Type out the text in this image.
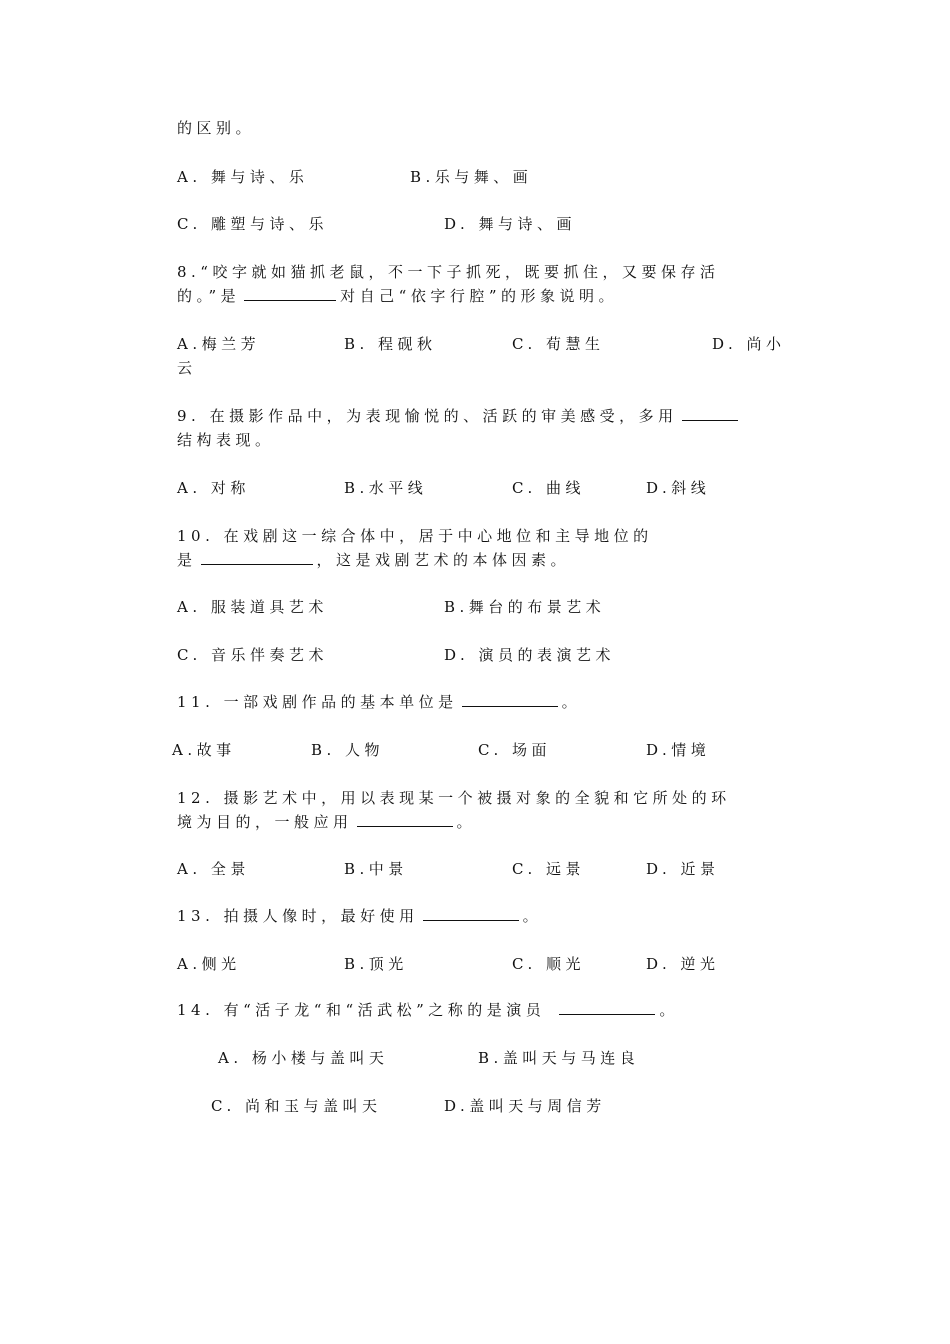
的区别。
A. 舞与诗、乐	B.乐与舞、画
C. 雕塑与诗、乐	D. 舞与诗、画
8.“咬字就如猫抓老鼠，不一下子抓死，既要抓住，又要保存活
的。”是	对自己“依字行腔”的形象说明。
A.梅兰芳	B. 程砚秋	C. 荀慧生	D. 尚小
云
9. 在摄影作品中，为表现愉悦的、活跃的审美感受，多用
结构表现。
A. 对称	B.水平线	C. 曲线	D.斜线
10. 在戏剧这一综合体中，居于中心地位和主导地位的
是	，这是戏剧艺术的本体因素。
A. 服装道具艺术	B.舞台的布景艺术
C. 音乐伴奏艺术	D. 演员的表演艺术
11. 一部戏剧作品的基本单位是	。
A.故事	B. 人物	C. 场面	D.情境
12. 摄影艺术中，用以表现某一个被摄对象的全貌和它所处的环
境为目的，一般应用	。
A. 全景	B.中景	C. 远景	D. 近景
13. 拍摄人像时，最好使用	。
A.侧光	B.顶光	C. 顺光	D. 逆光
14. 有“活子龙“和“活武松”之称的是演员	。
A. 杨小楼与盖叫天	B.盖叫天与马连良
C. 尚和玉与盖叫天	D.盖叫天与周信芳
